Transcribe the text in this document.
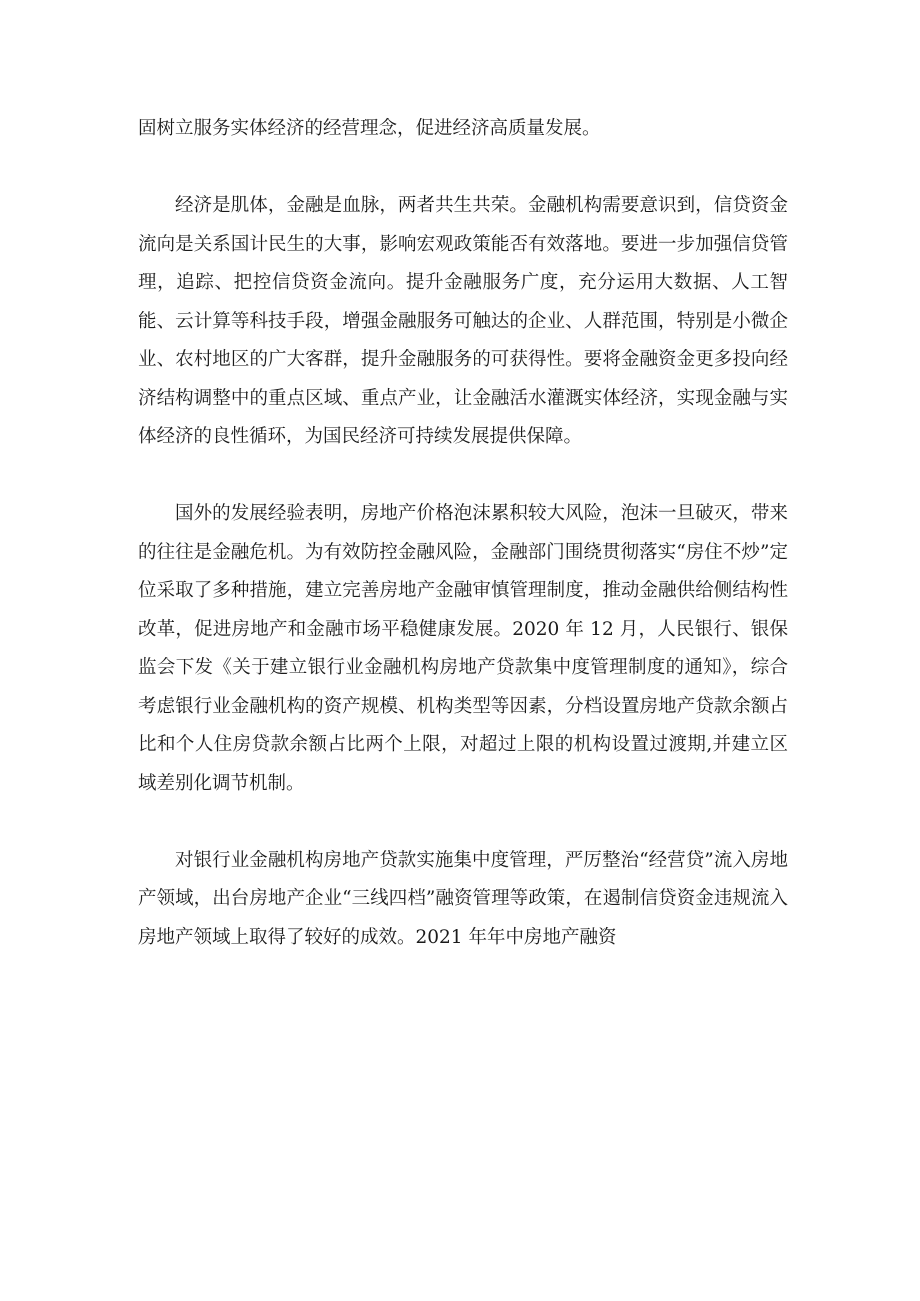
固树立服务实体经济的经营理念，促进经济高质量发展。

经济是肌体，金融是血脉，两者共生共荣。金融机构需要意识到，信贷资金流向是关系国计民生的大事，影响宏观政策能否有效落地。要进一步加强信贷管理，追踪、把控信贷资金流向。提升金融服务广度，充分运用大数据、人工智能、云计算等科技手段，增强金融服务可触达的企业、人群范围，特别是小微企业、农村地区的广大客群，提升金融服务的可获得性。要将金融资金更多投向经济结构调整中的重点区域、重点产业，让金融活水灌溉实体经济，实现金融与实体经济的良性循环，为国民经济可持续发展提供保障。

国外的发展经验表明，房地产价格泡沫累积较大风险，泡沫一旦破灭，带来的往往是金融危机。为有效防控金融风险，金融部门围绕贯彻落实“房住不炒”定位采取了多种措施，建立完善房地产金融审慎管理制度，推动金融供给侧结构性改革，促进房地产和金融市场平稳健康发展。2020 年 12 月，人民银行、银保监会下发《关于建立银行业金融机构房地产贷款集中度管理制度的通知》，综合考虑银行业金融机构的资产规模、机构类型等因素，分档设置房地产贷款余额占比和个人住房贷款余额占比两个上限，对超过上限的机构设置过渡期,并建立区域差别化调节机制。

对银行业金融机构房地产贷款实施集中度管理，严厉整治“经营贷”流入房地产领域，出台房地产企业“三线四档”融资管理等政策，在遏制信贷资金违规流入房地产领域上取得了较好的成效。2021 年年中房地产融资
